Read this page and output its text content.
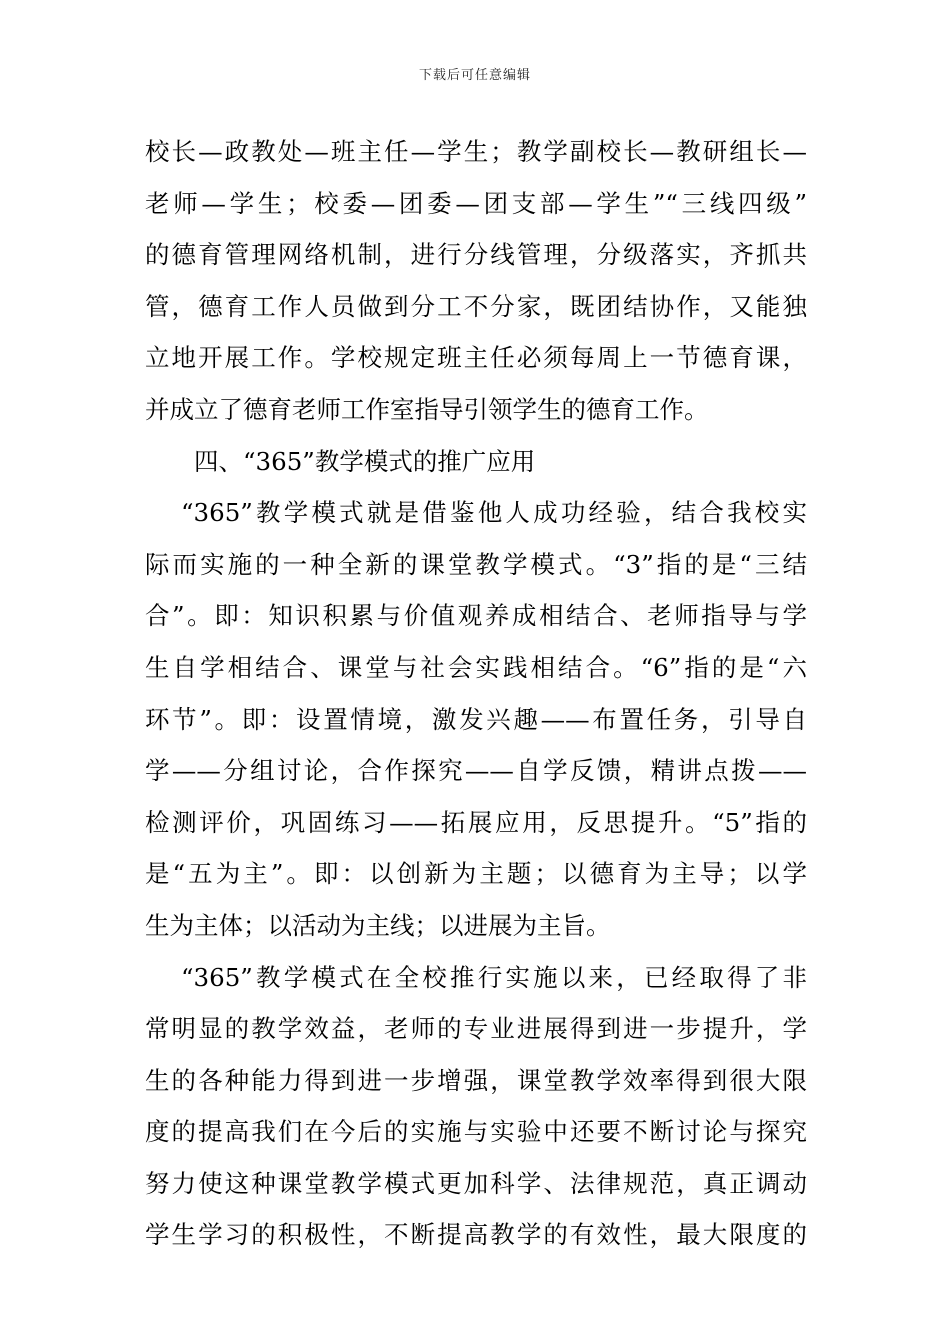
下载后可任意编辑
校长—政教处—班主任—学生；教学副校长—教研组长—
老师—学生；校委—团委—团支部—学生”“三线四级”
的德育管理网络机制，进行分线管理，分级落实，齐抓共
管，德育工作人员做到分工不分家，既团结协作，又能独
立地开展工作。学校规定班主任必须每周上一节德育课，
并成立了德育老师工作室指导引领学生的德育工作。
四、“365”教学模式的推广应用
“365”教学模式就是借鉴他人成功经验，结合我校实
际而实施的一种全新的课堂教学模式。“3”指的是“三结
合”。即：知识积累与价值观养成相结合、老师指导与学
生自学相结合、课堂与社会实践相结合。“6”指的是“六
环节”。即：设置情境，激发兴趣——布置任务，引导自
学——分组讨论，合作探究——自学反馈，精讲点拨——
检测评价，巩固练习——拓展应用，反思提升。“5”指的
是“五为主”。即：以创新为主题；以德育为主导；以学
生为主体；以活动为主线；以进展为主旨。
“365”教学模式在全校推行实施以来，已经取得了非
常明显的教学效益，老师的专业进展得到进一步提升，学
生的各种能力得到进一步增强，课堂教学效率得到很大限
度的提高我们在今后的实施与实验中还要不断讨论与探究
努力使这种课堂教学模式更加科学、法律规范，真正调动
学生学习的积极性，不断提高教学的有效性，最大限度的
